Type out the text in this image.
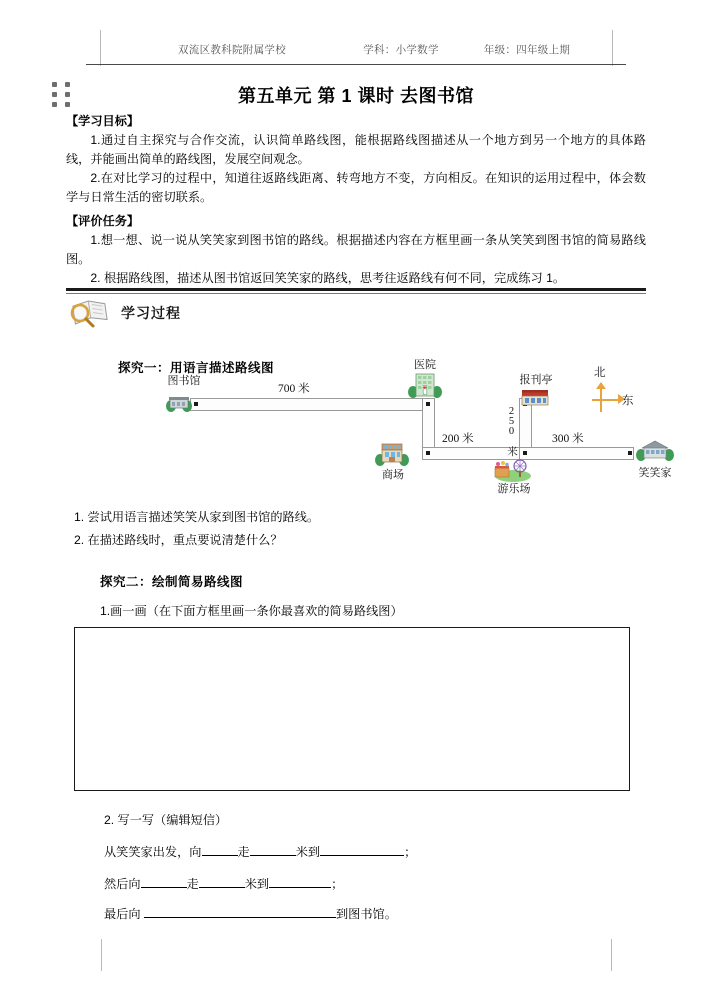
双流区教科院附属学校	学科：小学数学	年级：四年级上期
第五单元 第 1 课时 去图书馆
【学习目标】
1.通过自主探究与合作交流，认识简单路线图，能根据路线图描述从一个地方到另一个地方的具体路线，并能画出简单的路线图，发展空间观念。
2.在对比学习的过程中，知道往返路线距离、转弯地方不变，方向相反。在知识的运用过程中，体会数学与日常生活的密切联系。
【评价任务】
1.想一想、说一说从笑笑家到图书馆的路线。根据描述内容在方框里画一条从笑笑到图书馆的简易路线图。
2. 根据路线图，描述从图书馆返回笑笑家的路线，思考往返路线有何不同，完成练习 1。
学习过程
探究一：用语言描述路线图
700 米
200 米	250 米	300 米
图书馆
医院
报刊亭
商场
游乐场
笑笑家
北
东
1. 尝试用语言描述笑笑从家到图书馆的路线。
2. 在描述路线时，重点要说清楚什么？
探究二：绘制简易路线图
1.画一画（在下面方框里画一条你最喜欢的简易路线图）
2. 写一写（编辑短信）
从笑笑家出发，向	走	米到	；
然后向	走	米到	；
最后向	到图书馆。
